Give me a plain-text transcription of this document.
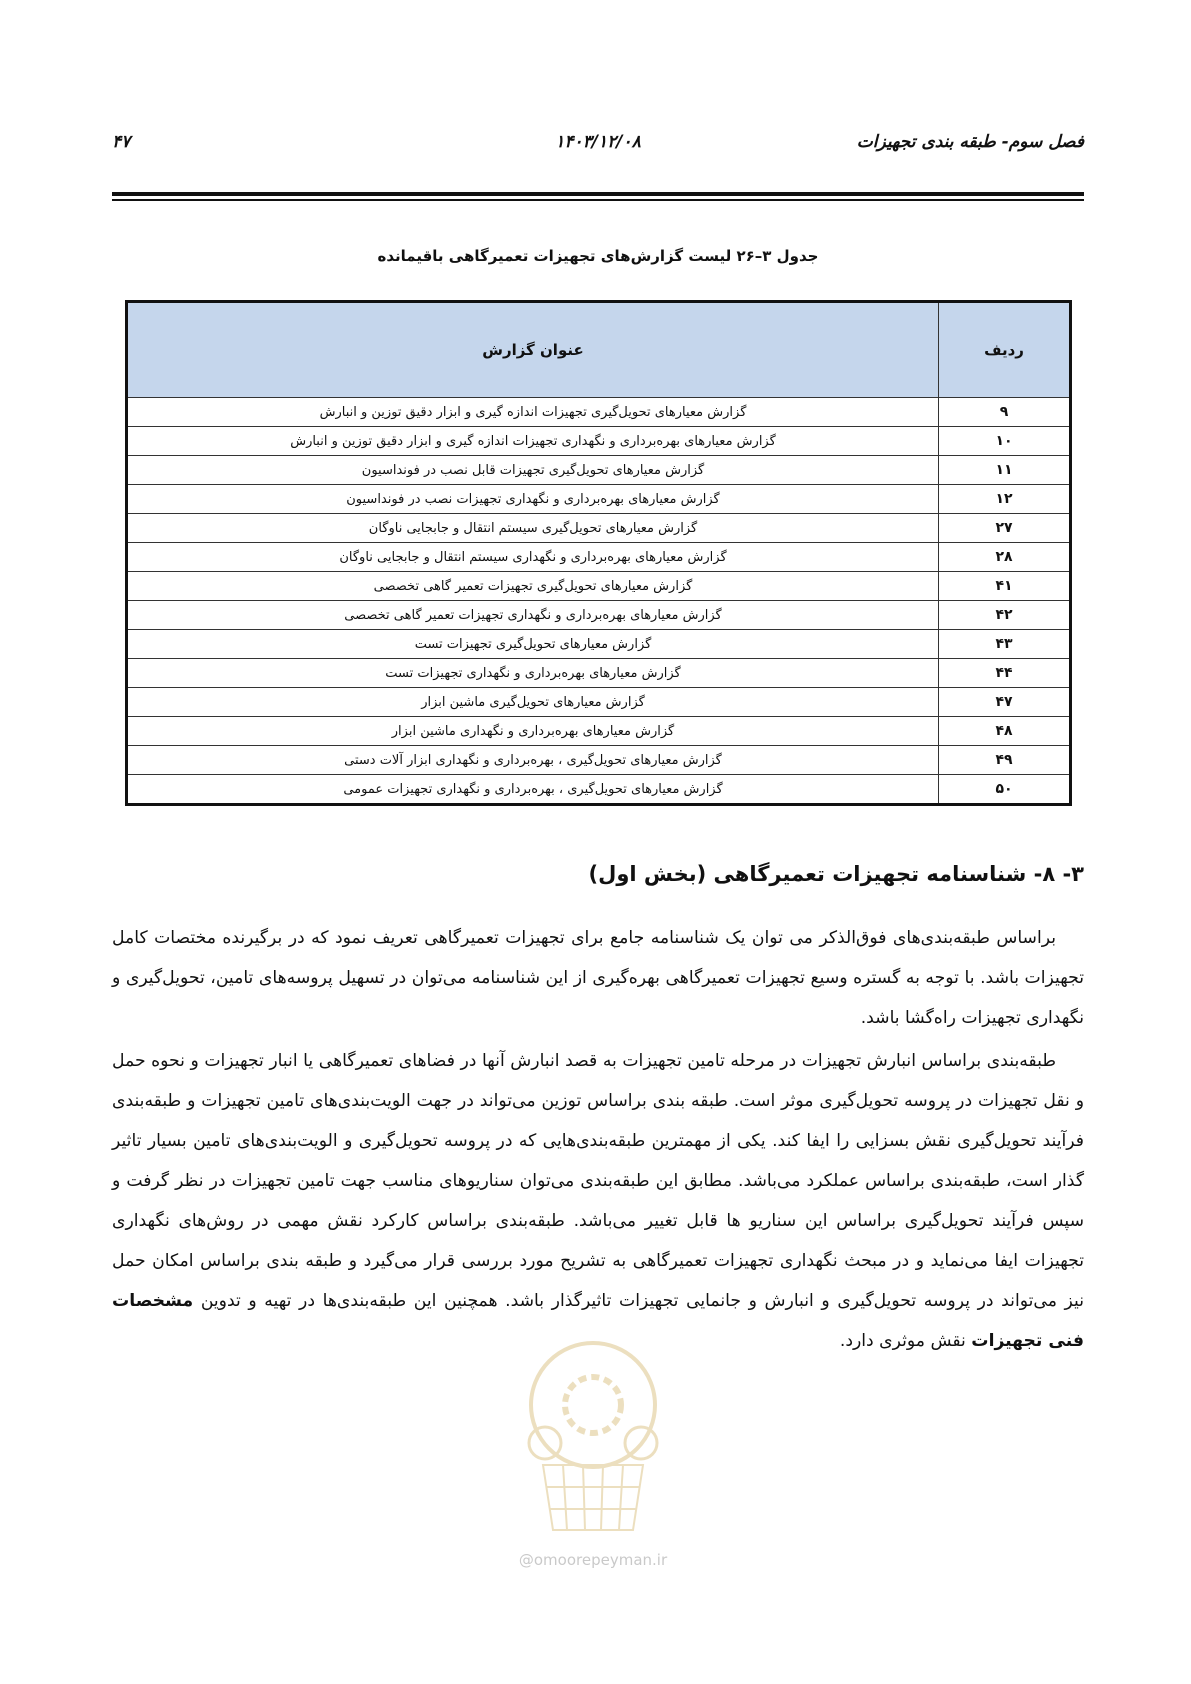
فصل سوم- طبقه بندی تجهیزات
۱۴۰۳/۱۲/۰۸
۴۷
جدول ۳–۲۶ لیست گزارش‌های تجهیزات تعمیرگاهی باقیمانده
ردیف	عنوان گزارش
۹	گزارش معیارهای تحویل‌گیری تجهیزات اندازه گیری و ابزار دقیق توزین و انبارش
۱۰	گزارش معیارهای بهره‌برداری و نگهداری تجهیزات اندازه گیری و ابزار دقیق توزین و انبارش
۱۱	گزارش معیارهای تحویل‌گیری تجهیزات قابل نصب در فونداسیون
۱۲	گزارش معیارهای بهره‌برداری و نگهداری تجهیزات نصب در فونداسیون
۲۷	گزارش معیارهای تحویل‌گیری سیستم انتقال و جابجایی ناوگان
۲۸	گزارش معیارهای بهره‌برداری و نگهداری سیستم انتقال و جابجایی ناوگان
۴۱	گزارش معیارهای تحویل‌گیری تجهیزات تعمیر گاهی تخصصی
۴۲	گزارش معیارهای بهره‌برداری و نگهداری تجهیزات تعمیر گاهی تخصصی
۴۳	گزارش معیارهای تحویل‌گیری تجهیزات تست
۴۴	گزارش معیارهای بهره‌برداری و نگهداری تجهیزات تست
۴۷	گزارش معیارهای تحویل‌گیری ماشین ابزار
۴۸	گزارش معیارهای بهره‌برداری و نگهداری ماشین ابزار
۴۹	گزارش معیارهای تحویل‌گیری ، بهره‌برداری و نگهداری ابزار آلات دستی
۵۰	گزارش معیارهای تحویل‌گیری ، بهره‌برداری و نگهداری تجهیزات عمومی
۳- ۸- شناسنامه تجهیزات تعمیرگاهی (بخش اول)

براساس طبقه‌بندی‌های فوق‌الذکر می توان یک شناسنامه جامع برای تجهیزات تعمیرگاهی تعریف نمود که در برگیرنده مختصات کامل تجهیزات باشد. با توجه به گستره وسیع تجهیزات تعمیرگاهی بهره‌گیری از این شناسنامه می‌توان در تسهیل پروسه‌های تامین، تحویل‌گیری و نگهداری تجهیزات راه‌گشا باشد.

طبقه‌بندی براساس انبارش تجهیزات در مرحله تامین تجهیزات به قصد انبارش آنها در فضاهای تعمیرگاهی یا انبار تجهیزات و نحوه حمل و نقل تجهیزات در پروسه تحویل‌گیری موثر است. طبقه بندی براساس توزین می‌تواند در جهت الویت‌بندی‌های تامین تجهیزات و طبقه‌بندی فرآیند تحویل‌گیری نقش بسزایی را ایفا کند. یکی از مهمترین طبقه‌بندی‌هایی که در پروسه تحویل‌گیری و الویت‌بندی‌های تامین بسیار تاثیر گذار است، طبقه‌بندی براساس عملکرد می‌باشد. مطابق این طبقه‌بندی می‌توان سناریوهای مناسب جهت تامین تجهیزات در نظر گرفت و سپس فرآیند تحویل‌گیری براساس این سناریو ها قابل تغییر می‌باشد. طبقه‌بندی براساس کارکرد نقش مهمی در روش‌های نگهداری تجهیزات ایفا می‌نماید و در مبحث نگهداری تجهیزات تعمیرگاهی به تشریح مورد بررسی قرار می‌گیرد و طبقه بندی براساس امکان حمل نیز می‌تواند در پروسه تحویل‌گیری و انبارش و جانمایی تجهیزات تاثیرگذار باشد. همچنین این طبقه‌بندی‌ها در تهیه و تدوین مشخصات فنی تجهیزات نقش موثری دارد.

@omoorepeyman.ir
